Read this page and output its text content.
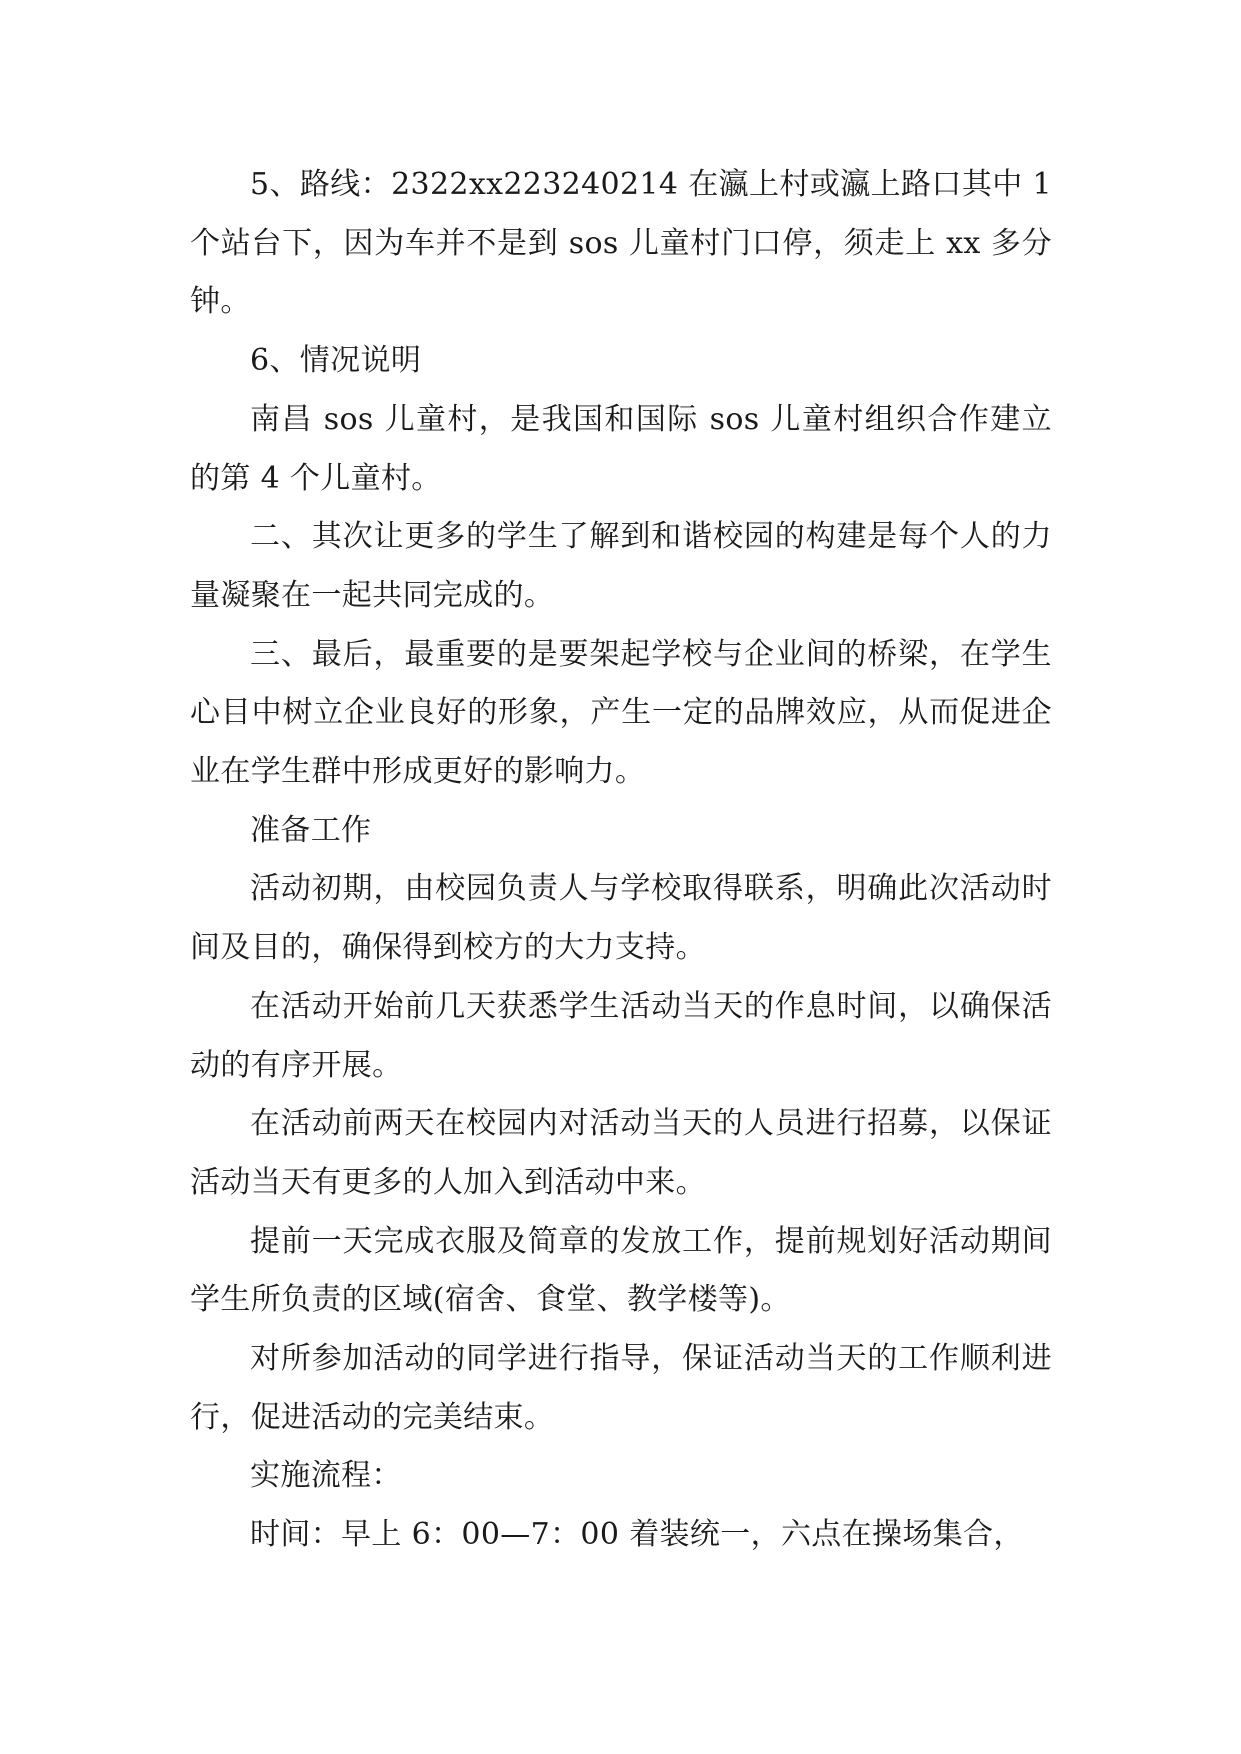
5、路线：2322xx223240214 在瀛上村或瀛上路口其中 1 个站台下，因为车并不是到 sos 儿童村门口停，须走上 xx 多分钟。

6、情况说明

南昌 sos 儿童村，是我国和国际 sos 儿童村组织合作建立的第 4 个儿童村。

二、其次让更多的学生了解到和谐校园的构建是每个人的力量凝聚在一起共同完成的。

三、最后，最重要的是要架起学校与企业间的桥梁，在学生心目中树立企业良好的形象，产生一定的品牌效应，从而促进企业在学生群中形成更好的影响力。

准备工作

活动初期，由校园负责人与学校取得联系，明确此次活动时间及目的，确保得到校方的大力支持。

在活动开始前几天获悉学生活动当天的作息时间，以确保活动的有序开展。

在活动前两天在校园内对活动当天的人员进行招募，以保证活动当天有更多的人加入到活动中来。

提前一天完成衣服及简章的发放工作，提前规划好活动期间学生所负责的区域(宿舍、食堂、教学楼等)。

对所参加活动的同学进行指导，保证活动当天的工作顺利进行，促进活动的完美结束。

实施流程：

时间：早上 6：00—7：00 着装统一，六点在操场集合，
